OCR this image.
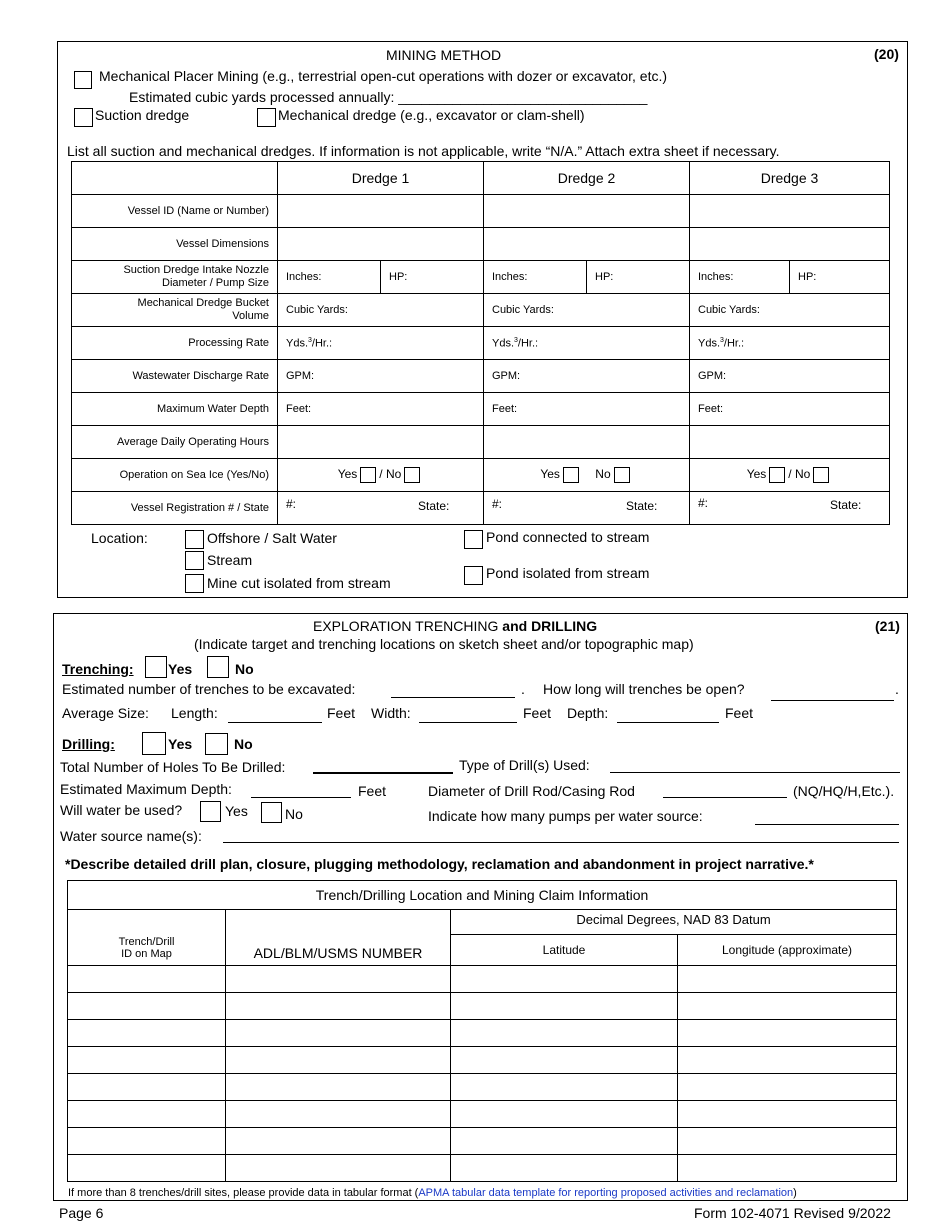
MINING METHOD	(20)
Mechanical Placer Mining (e.g., terrestrial open-cut operations with dozer or excavator, etc.)
Estimated cubic yards processed annually: ________________________________
Suction dredge	Mechanical dredge (e.g., excavator or clam-shell)
List all suction and mechanical dredges. If information is not applicable, write “N/A.” Attach extra sheet if necessary.
	Dredge 1		Dredge 2		Dredge 3	
Vessel ID (Name or Number)						
Vessel Dimensions						
Suction Dredge Intake Nozzle
Diameter / Pump Size	Inches:	HP:	Inches:	HP:	Inches:	HP:
Mechanical Dredge Bucket
Volume	Cubic Yards:		Cubic Yards:		Cubic Yards:	
Processing Rate	Yds.$^3$/Hr.:		Yds.$^3$/Hr.:		Yds.$^3$/Hr.:	
Wastewater Discharge Rate	GPM:		GPM:		GPM:	
Maximum Water Depth	Feet:		Feet:		Feet:	
Average Daily Operating Hours						
Operation on Sea Ice (Yes/No)	Yes / No		Yes No		Yes / No	
Vessel Registration # / State	#: State:		#: State:		#: State:	
Location:	Offshore / Salt Water
Stream
Mine cut isolated from stream
Pond connected to stream
Pond isolated from stream
EXPLORATION TRENCHING and DRILLING	(21)
(Indicate target and trenching locations on sketch sheet and/or topographic map)
Trenching: Yes	No
Estimated number of trenches to be excavated:	. How long will trenches be open?	.
Average Size: Length:	Feet Width:	Feet Depth:	Feet
Drilling:	Yes	No
Total Number of Holes To Be Drilled:	Type of Drill(s) Used:
Estimated Maximum Depth:	Feet	Diameter of Drill Rod/Casing Rod	(NQ/HQ/H,Etc.).
Will water be used?	Yes	No	Indicate how many pumps per water source:
Water source name(s):
*Describe detailed drill plan, closure, plugging methodology, reclamation and abandonment in project narrative.*
Trench/Drilling Location and Mining Claim Information			
Trench/Drill
ID on Map	ADL/BLM/USMS NUMBER	Decimal Degrees, NAD 83 Datum	
		Latitude	Longitude (approximate)

If more than 8 trenches/drill sites, please provide data in tabular format (APMA tabular data template for reporting proposed activities and reclamation)
Page 6	Form 102-4071 Revised 9/2022
